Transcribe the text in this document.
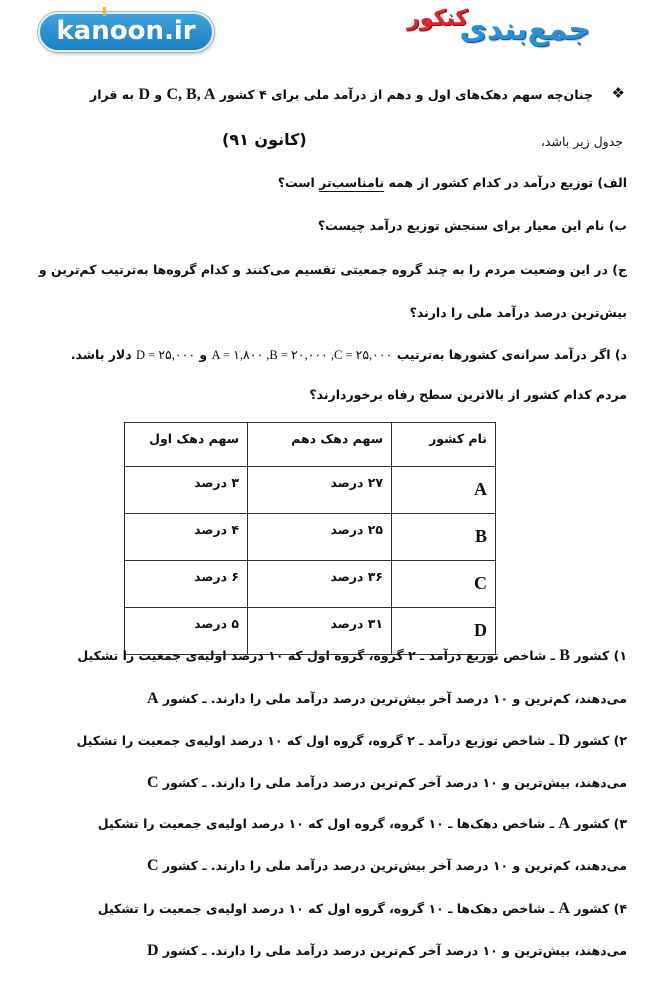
kanoon.ir	جمع‌بندی
کنکور
❖
چنان‌چه سهم دهک‌های اول و دهم از درآمد ملی برای ۴ کشور C, B, A و D به قرار
جدول زیر باشد،
(کانون ۹۱)
الف) توزیع درآمد در کدام کشور از همه نامناسب‌تر است؟
ب) نام این معیار برای سنجش توزیع درآمد چیست؟
ج) در این وضعیت مردم را به چند گروه جمعیتی تقسیم می‌کنند و کدام گروه‌ها به‌ترتیب کم‌ترین و
بیش‌ترین درصد درآمد ملی را دارند؟
د) اگر درآمد سرانه‌ی کشورها به‌ترتیب A = ۱,۸۰۰ ,B = ۲۰,۰۰۰ ,C = ۲۵,۰۰۰ و D = ۲۵,۰۰۰ دلار باشد.
مردم کدام کشور از بالاترین سطح رفاه برخوردارند؟
نام کشور	سهم دهک دهم	سهم دهک اول
A	۲۷ درصد	۳ درصد
B	۲۵ درصد	۴ درصد
C	۳۶ درصد	۶ درصد
D	۳۱ درصد	۵ درصد
۱) کشور B ـ شاخص توزیع درآمد ـ ۲ گروه، گروه اول که ۱۰ درصد اولیه‌ی جمعیت را تشکیل
می‌دهند، کم‌ترین و ۱۰ درصد آخر بیش‌ترین درصد درآمد ملی را دارند. ـ کشور A
۲) کشور D ـ شاخص توزیع درآمد ـ ۲ گروه، گروه اول که ۱۰ درصد اولیه‌ی جمعیت را تشکیل
می‌دهند، بیش‌ترین و ۱۰ درصد آخر کم‌ترین درصد درآمد ملی را دارند. ـ کشور C
۳) کشور A ـ شاخص دهک‌ها ـ ۱۰ گروه، گروه اول که ۱۰ درصد اولیه‌ی جمعیت را تشکیل
می‌دهند، کم‌ترین و ۱۰ درصد آخر بیش‌ترین درصد درآمد ملی را دارند. ـ کشور C
۴) کشور A ـ شاخص دهک‌ها ـ ۱۰ گروه، گروه اول که ۱۰ درصد اولیه‌ی جمعیت را تشکیل
می‌دهند، بیش‌ترین و ۱۰ درصد آخر کم‌ترین درصد درآمد ملی را دارند. ـ کشور D
